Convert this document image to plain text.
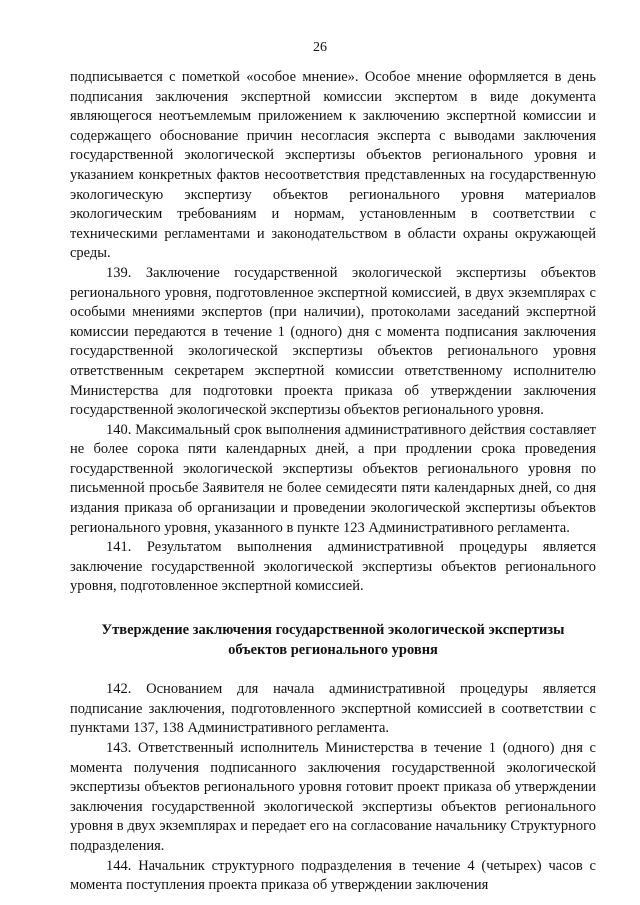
26

подписывается с пометкой «особое мнение». Особое мнение оформляется в день подписания заключения экспертной комиссии экспертом в виде документа являющегося неотъемлемым приложением к заключению экспертной комиссии и содержащего обоснование причин несогласия эксперта с выводами заключения государственной экологической экспертизы объектов регионального уровня и указанием конкретных фактов несоответствия представленных на государственную экологическую экспертизу объектов регионального уровня материалов экологическим требованиям и нормам, установленным в соответствии с техническими регламентами и законодательством в области охраны окружающей среды.

139. Заключение государственной экологической экспертизы объектов регионального уровня, подготовленное экспертной комиссией, в двух экземплярах с особыми мнениями экспертов (при наличии), протоколами заседаний экспертной комиссии передаются в течение 1 (одного) дня с момента подписания заключения государственной экологической экспертизы объектов регионального уровня ответственным секретарем экспертной комиссии ответственному исполнителю Министерства для подготовки проекта приказа об утверждении заключения государственной экологической экспертизы объектов регионального уровня.

140. Максимальный срок выполнения административного действия составляет не более сорока пяти календарных дней, а при продлении срока проведения государственной экологической экспертизы объектов регионального уровня по письменной просьбе Заявителя не более семидесяти пяти календарных дней, со дня издания приказа об организации и проведении экологической экспертизы объектов регионального уровня, указанного в пункте 123 Административного регламента.

141. Результатом выполнения административной процедуры является заключение государственной экологической экспертизы объектов регионального уровня, подготовленное экспертной комиссией.

Утверждение заключения государственной экологической экспертизы объектов регионального уровня

142. Основанием для начала административной процедуры является подписание заключения, подготовленного экспертной комиссией в соответствии с пунктами 137, 138 Административного регламента.

143. Ответственный исполнитель Министерства в течение 1 (одного) дня с момента получения подписанного заключения государственной экологической экспертизы объектов регионального уровня готовит проект приказа об утверждении заключения государственной экологической экспертизы объектов регионального уровня в двух экземплярах и передает его на согласование начальнику Структурного подразделения.

144. Начальник структурного подразделения в течение 4 (четырех) часов с момента поступления проекта приказа об утверждении заключения
